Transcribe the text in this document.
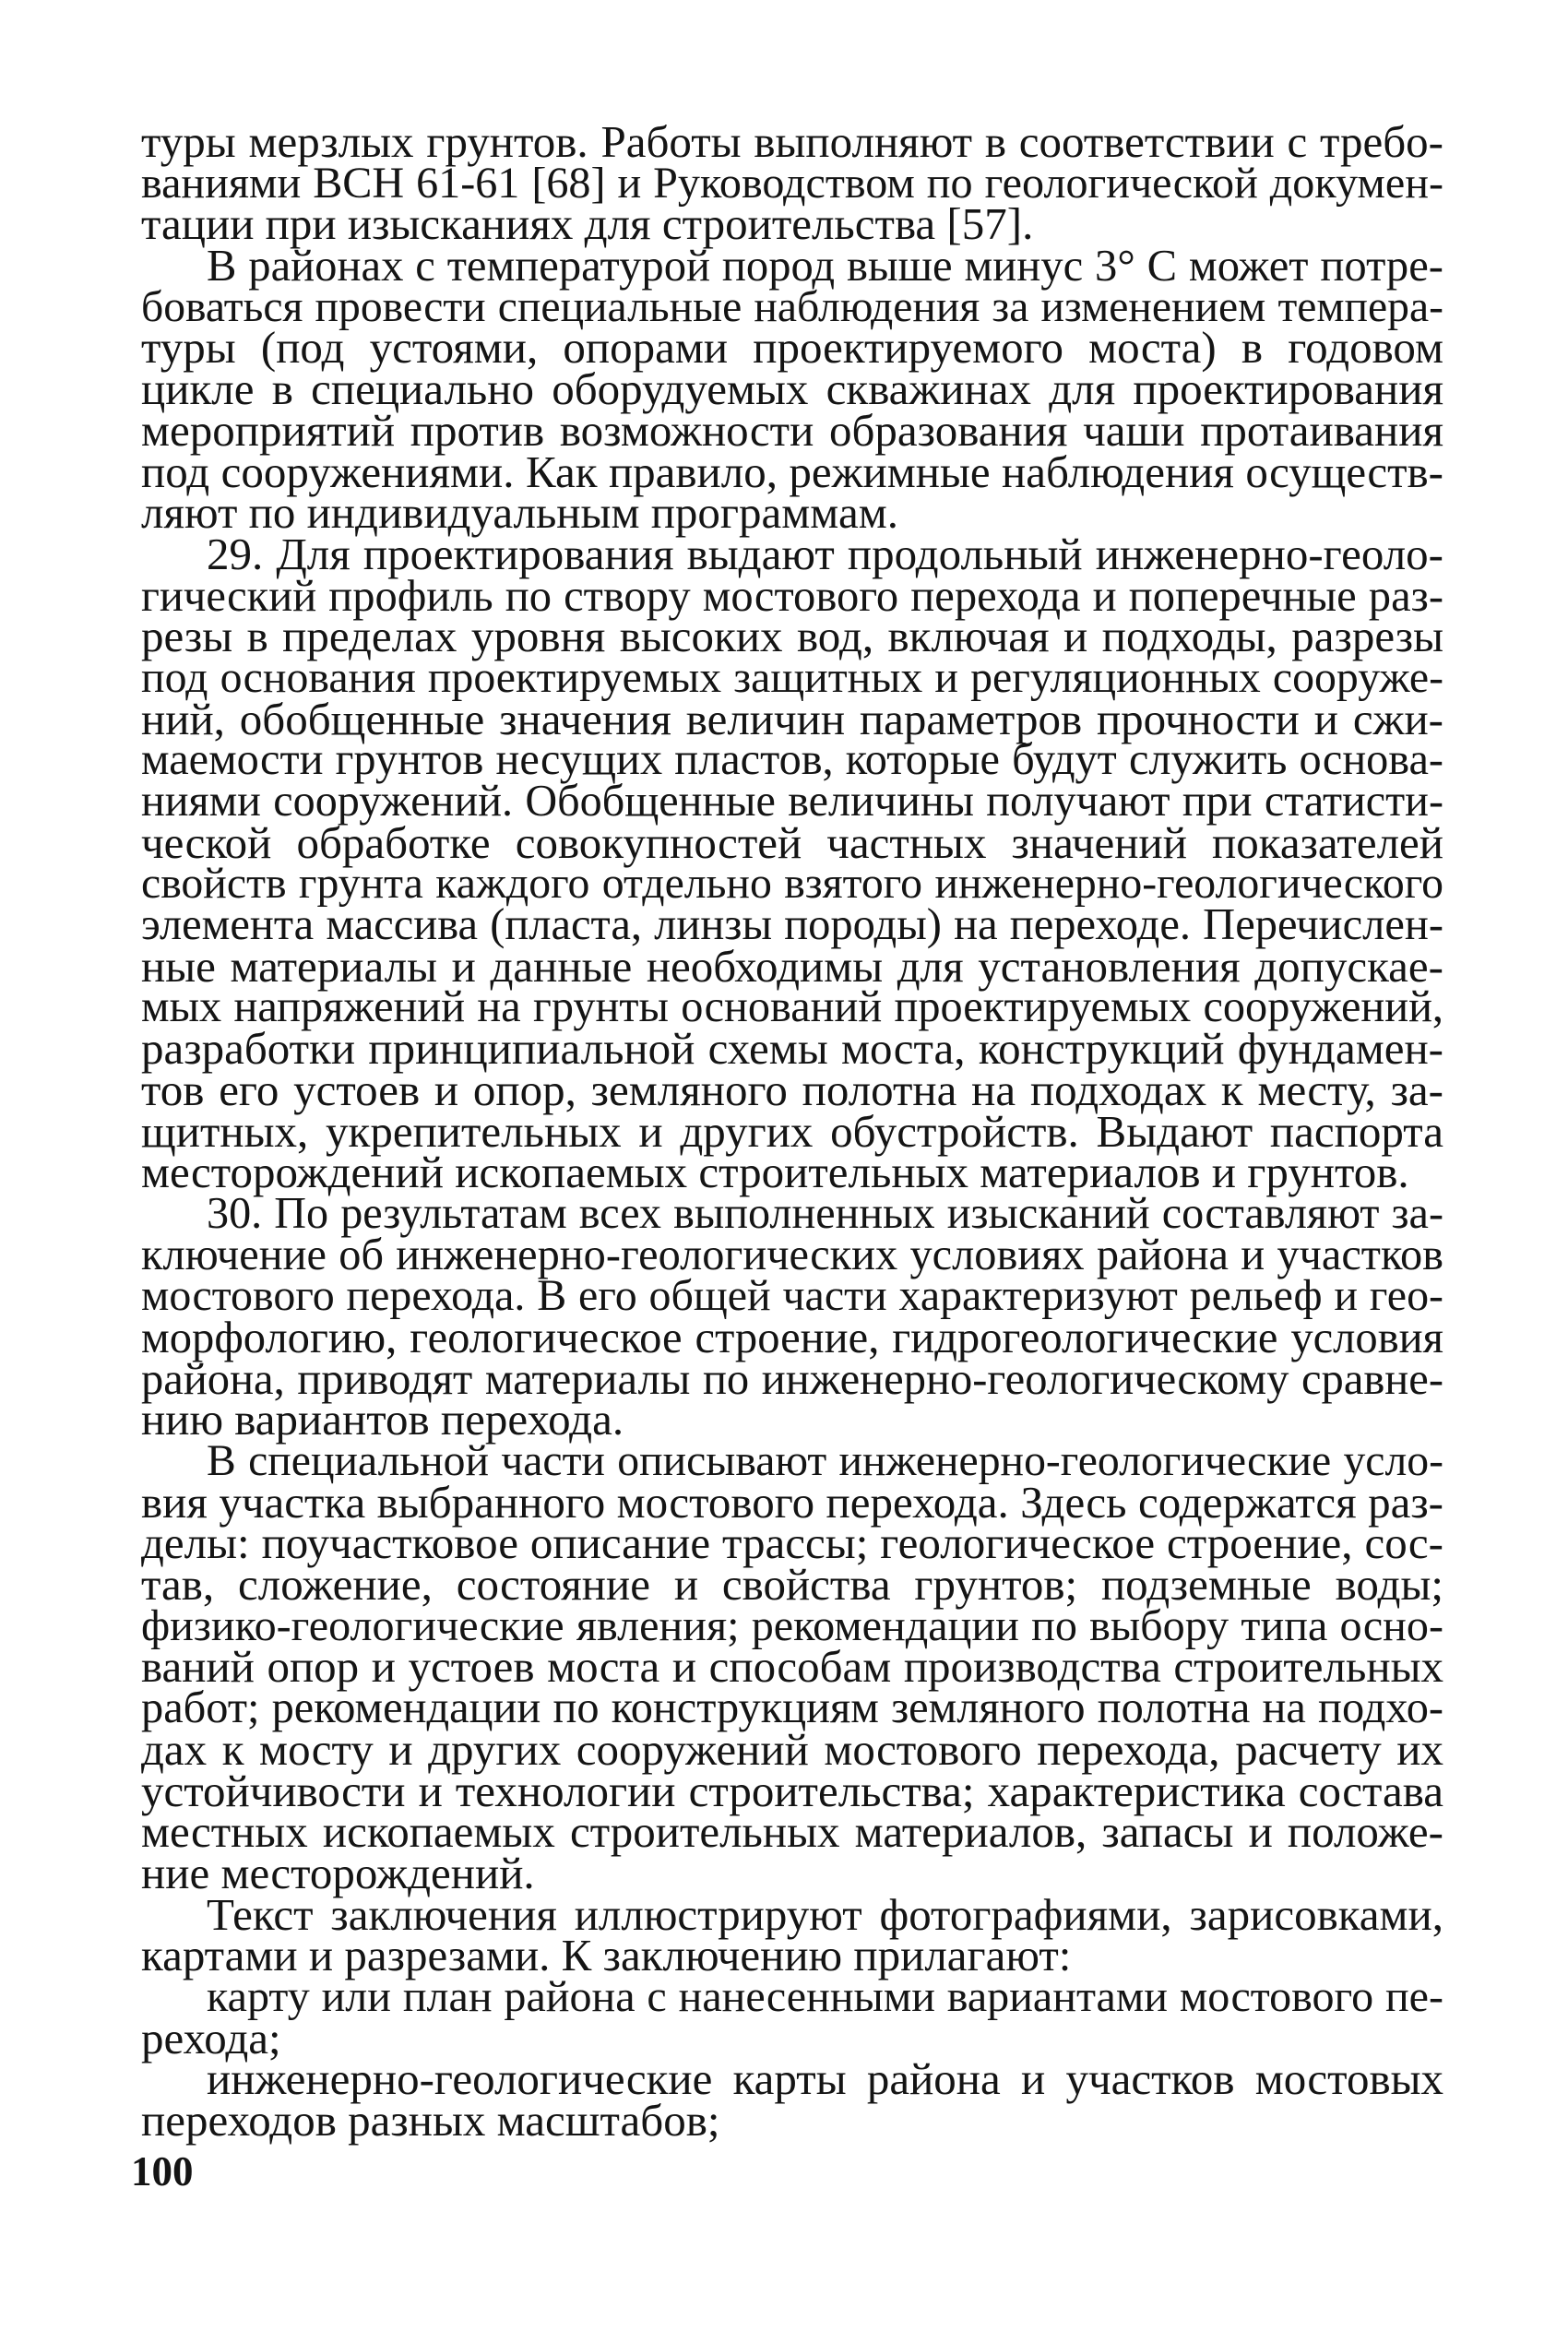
туры мерзлых грунтов. Работы выполняют в соответствии с требо-
ваниями ВСН 61-61 [68] и Руководством по геологической докумен-
тации при изысканиях для строительства [57].
В районах с температурой пород выше минус 3° С может потре-
боваться провести специальные наблюдения за изменением темпера-
туры (под устоями, опорами проектируемого моста) в годовом
цикле в специально оборудуемых скважинах для проектирования
мероприятий против возможности образования чаши протаивания
под сооружениями. Как правило, режимные наблюдения осуществ-
ляют по индивидуальным программам.
29. Для проектирования выдают продольный инженерно-геоло-
гический профиль по створу мостового перехода и поперечные раз-
резы в пределах уровня высоких вод, включая и подходы, разрезы
под основания проектируемых защитных и регуляционных сооруже-
ний, обобщенные значения величин параметров прочности и сжи-
маемости грунтов несущих пластов, которые будут служить основа-
ниями сооружений. Обобщенные величины получают при статисти-
ческой обработке совокупностей частных значений показателей
свойств грунта каждого отдельно взятого инженерно-геологического
элемента массива (пласта, линзы породы) на переходе. Перечислен-
ные материалы и данные необходимы для установления допускае-
мых напряжений на грунты оснований проектируемых сооружений,
разработки принципиальной схемы моста, конструкций фундамен-
тов его устоев и опор, земляного полотна на подходах к месту, за-
щитных, укрепительных и других обустройств. Выдают паспорта
месторождений ископаемых строительных материалов и грунтов.
30. По результатам всех выполненных изысканий составляют за-
ключение об инженерно-геологических условиях района и участков
мостового перехода. В его общей части характеризуют рельеф и гео-
морфологию, геологическое строение, гидрогеологические условия
района, приводят материалы по инженерно-геологическому сравне-
нию вариантов перехода.
В специальной части описывают инженерно-геологические усло-
вия участка выбранного мостового перехода. Здесь содержатся раз-
делы: поучастковое описание трассы; геологическое строение, сос-
тав, сложение, состояние и свойства грунтов; подземные воды;
физико-геологические явления; рекомендации по выбору типа осно-
ваний опор и устоев моста и способам производства строительных
работ; рекомендации по конструкциям земляного полотна на подхо-
дах к мосту и других сооружений мостового перехода, расчету их
устойчивости и технологии строительства; характеристика состава
местных ископаемых строительных материалов, запасы и положе-
ние месторождений.
Текст заключения иллюстрируют фотографиями, зарисовками,
картами и разрезами. К заключению прилагают:
карту или план района с нанесенными вариантами мостового пе-
рехода;
инженерно-геологические карты района и участков мостовых
переходов разных масштабов;
100
